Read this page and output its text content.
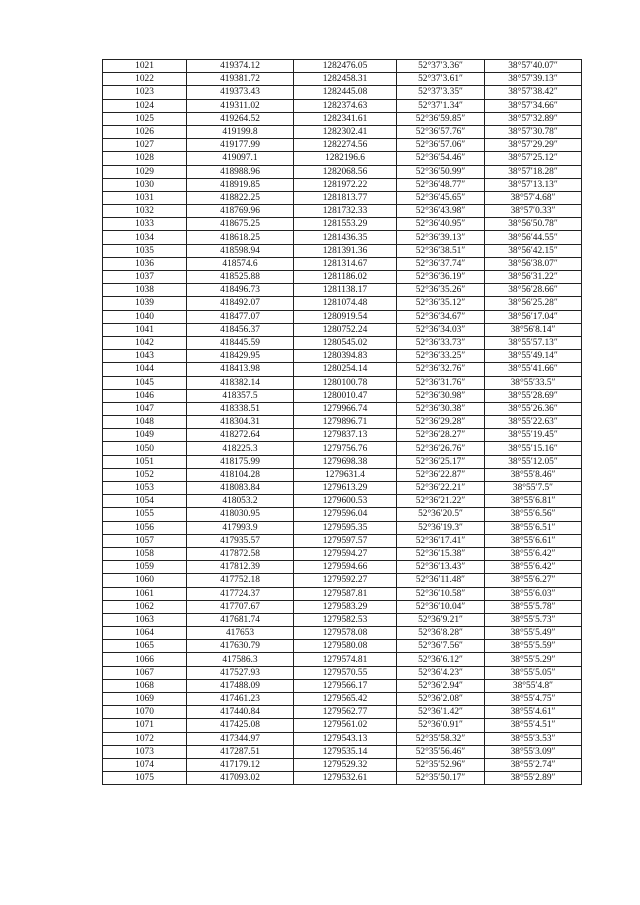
1021	419374.12	1282476.05	52°37′3.36″	38°57′40.07″
1022	419381.72	1282458.31	52°37′3.61″	38°57′39.13″
1023	419373.43	1282445.08	52°37′3.35″	38°57′38.42″
1024	419311.02	1282374.63	52°37′1.34″	38°57′34.66″
1025	419264.52	1282341.61	52°36′59.85″	38°57′32.89″
1026	419199.8	1282302.41	52°36′57.76″	38°57′30.78″
1027	419177.99	1282274.56	52°36′57.06″	38°57′29.29″
1028	419097.1	1282196.6	52°36′54.46″	38°57′25.12″
1029	418988.96	1282068.56	52°36′50.99″	38°57′18.28″
1030	418919.85	1281972.22	52°36′48.77″	38°57′13.13″
1031	418822.25	1281813.77	52°36′45.65″	38°57′4.68″
1032	418769.96	1281732.33	52°36′43.98″	38°57′0.33″
1033	418675.25	1281553.29	52°36′40.95″	38°56′50.78″
1034	418618.25	1281436.35	52°36′39.13″	38°56′44.55″
1035	418598.94	1281391.36	52°36′38.51″	38°56′42.15″
1036	418574.6	1281314.67	52°36′37.74″	38°56′38.07″
1037	418525.88	1281186.02	52°36′36.19″	38°56′31.22″
1038	418496.73	1281138.17	52°36′35.26″	38°56′28.66″
1039	418492.07	1281074.48	52°36′35.12″	38°56′25.28″
1040	418477.07	1280919.54	52°36′34.67″	38°56′17.04″
1041	418456.37	1280752.24	52°36′34.03″	38°56′8.14″
1042	418445.59	1280545.02	52°36′33.73″	38°55′57.13″
1043	418429.95	1280394.83	52°36′33.25″	38°55′49.14″
1044	418413.98	1280254.14	52°36′32.76″	38°55′41.66″
1045	418382.14	1280100.78	52°36′31.76″	38°55′33.5″
1046	418357.5	1280010.47	52°36′30.98″	38°55′28.69″
1047	418338.51	1279966.74	52°36′30.38″	38°55′26.36″
1048	418304.31	1279896.71	52°36′29.28″	38°55′22.63″
1049	418272.64	1279837.13	52°36′28.27″	38°55′19.45″
1050	418225.3	1279756.76	52°36′26.76″	38°55′15.16″
1051	418175.99	1279698.38	52°36′25.17″	38°55′12.05″
1052	418104.28	1279631.4	52°36′22.87″	38°55′8.46″
1053	418083.84	1279613.29	52°36′22.21″	38°55′7.5″
1054	418053.2	1279600.53	52°36′21.22″	38°55′6.81″
1055	418030.95	1279596.04	52°36′20.5″	38°55′6.56″
1056	417993.9	1279595.35	52°36′19.3″	38°55′6.51″
1057	417935.57	1279597.57	52°36′17.41″	38°55′6.61″
1058	417872.58	1279594.27	52°36′15.38″	38°55′6.42″
1059	417812.39	1279594.66	52°36′13.43″	38°55′6.42″
1060	417752.18	1279592.27	52°36′11.48″	38°55′6.27″
1061	417724.37	1279587.81	52°36′10.58″	38°55′6.03″
1062	417707.67	1279583.29	52°36′10.04″	38°55′5.78″
1063	417681.74	1279582.53	52°36′9.21″	38°55′5.73″
1064	417653	1279578.08	52°36′8.28″	38°55′5.49″
1065	417630.79	1279580.08	52°36′7.56″	38°55′5.59″
1066	417586.3	1279574.81	52°36′6.12″	38°55′5.29″
1067	417527.93	1279570.55	52°36′4.23″	38°55′5.05″
1068	417488.09	1279566.17	52°36′2.94″	38°55′4.8″
1069	417461.23	1279565.42	52°36′2.08″	38°55′4.75″
1070	417440.84	1279562.77	52°36′1.42″	38°55′4.61″
1071	417425.08	1279561.02	52°36′0.91″	38°55′4.51″
1072	417344.97	1279543.13	52°35′58.32″	38°55′3.53″
1073	417287.51	1279535.14	52°35′56.46″	38°55′3.09″
1074	417179.12	1279529.32	52°35′52.96″	38°55′2.74″
1075	417093.02	1279532.61	52°35′50.17″	38°55′2.89″
